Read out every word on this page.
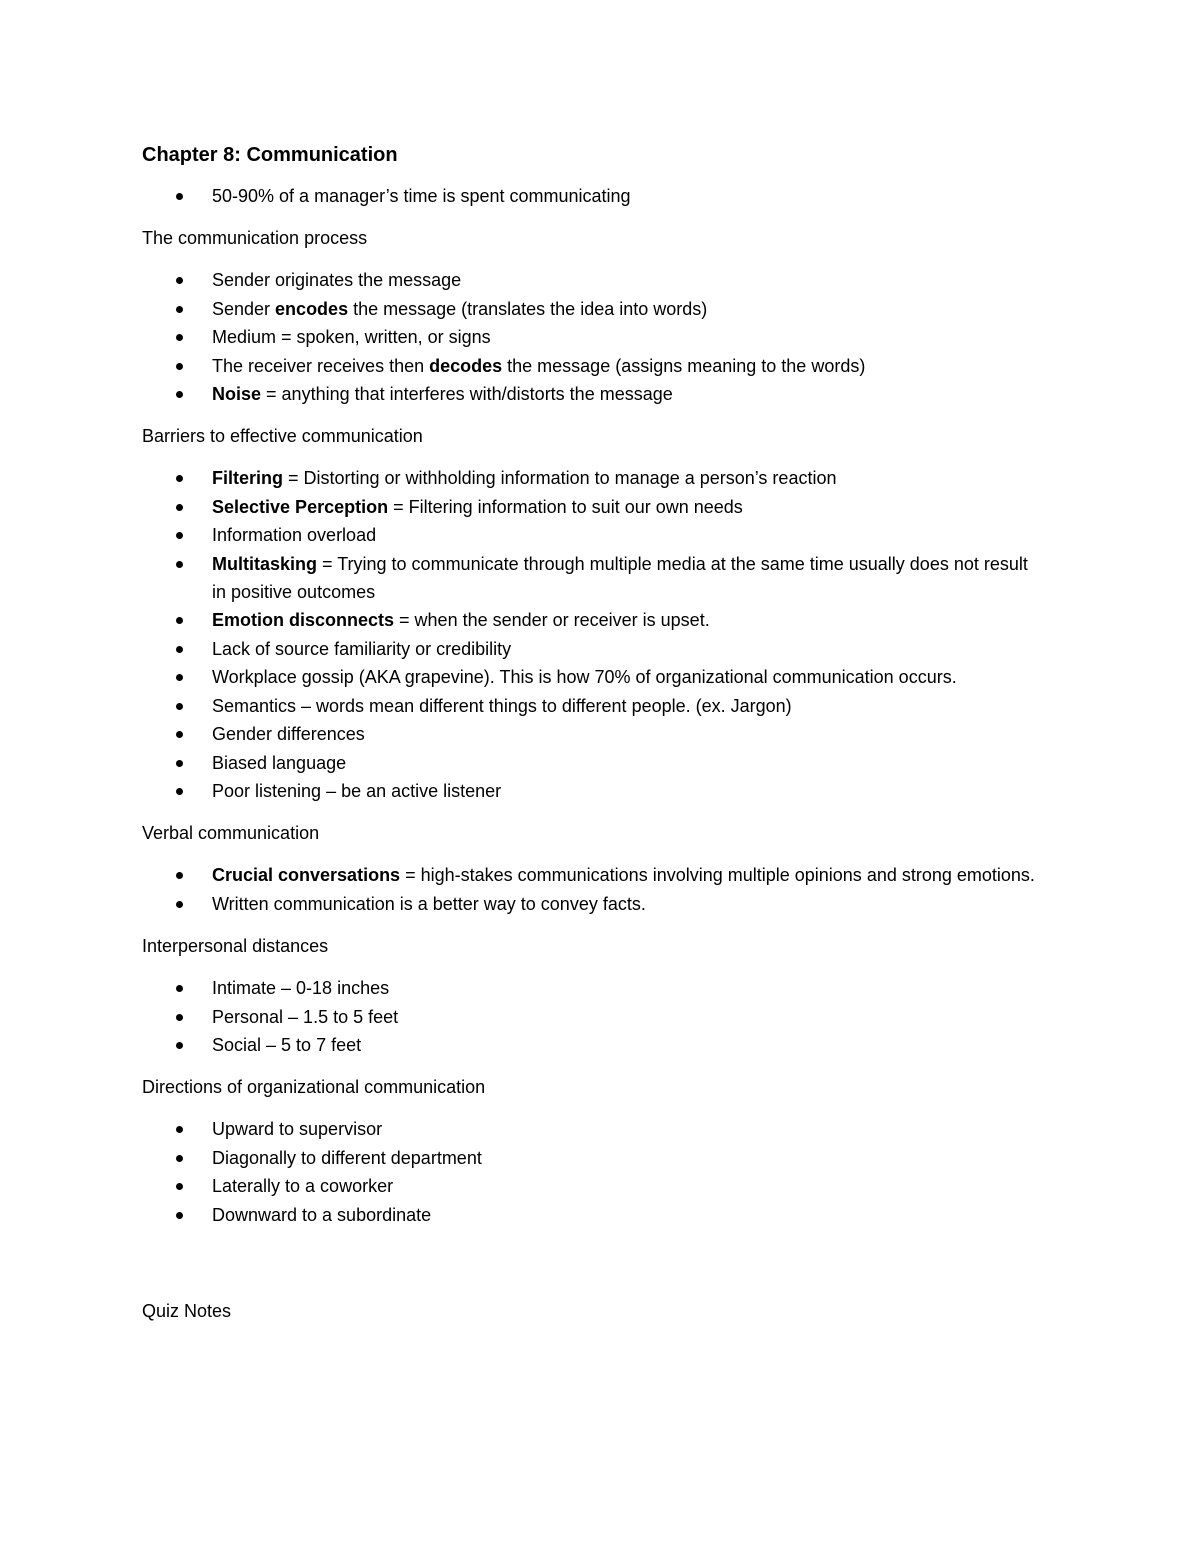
Chapter 8: Communication
50-90% of a manager’s time is spent communicating
The communication process
Sender originates the message
Sender encodes the message (translates the idea into words)
Medium = spoken, written, or signs
The receiver receives then decodes the message (assigns meaning to the words)
Noise = anything that interferes with/distorts the message
Barriers to effective communication
Filtering = Distorting or withholding information to manage a person’s reaction
Selective Perception = Filtering information to suit our own needs
Information overload
Multitasking = Trying to communicate through multiple media at the same time usually does not result in positive outcomes
Emotion disconnects = when the sender or receiver is upset.
Lack of source familiarity or credibility
Workplace gossip (AKA grapevine). This is how 70% of organizational communication occurs.
Semantics – words mean different things to different people. (ex. Jargon)
Gender differences
Biased language
Poor listening – be an active listener
Verbal communication
Crucial conversations = high-stakes communications involving multiple opinions and strong emotions.
Written communication is a better way to convey facts.
Interpersonal distances
Intimate – 0-18 inches
Personal – 1.5 to 5 feet
Social – 5 to 7 feet
Directions of organizational communication
Upward to supervisor
Diagonally to different department
Laterally to a coworker
Downward to a subordinate
Quiz Notes
